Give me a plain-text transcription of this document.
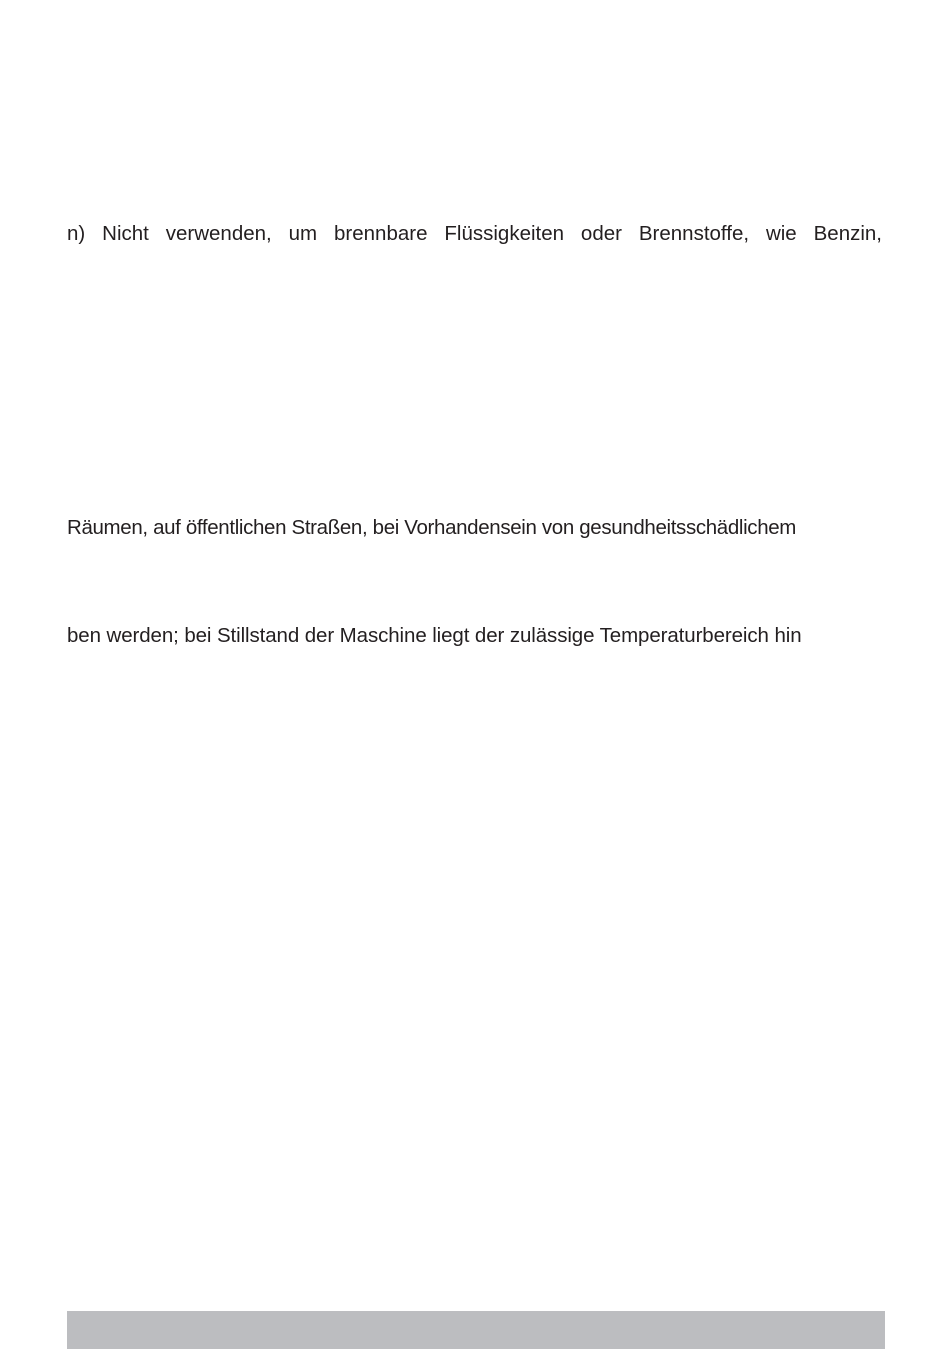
n) Nicht verwenden, um brennbare Flüssigkeiten oder Brennstoffe, wie Benzin,

Räumen, auf öffentlichen Straßen, bei Vorhandensein von gesundheitsschädlichem

ben werden; bei Stillstand der Maschine liegt der zulässige Temperaturbereich hin
